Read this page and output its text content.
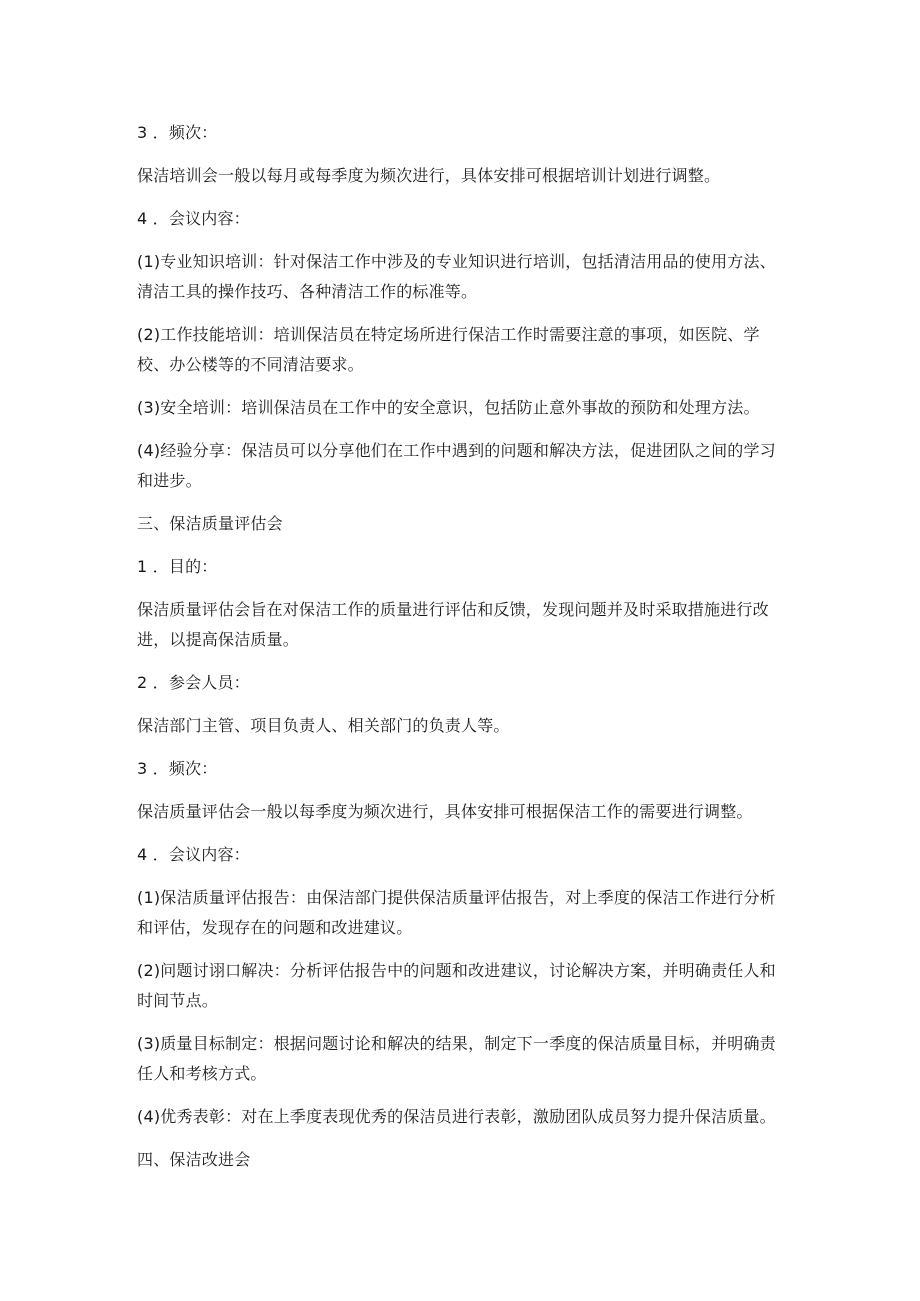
3 ．频次：

保洁培训会一般以每月或每季度为频次进行，具体安排可根据培训计划进行调整。

4 ．会议内容：

(1)专业知识培训：针对保洁工作中涉及的专业知识进行培训，包括清洁用品的使用方法、清洁工具的操作技巧、各种清洁工作的标准等。

(2)工作技能培训：培训保洁员在特定场所进行保洁工作时需要注意的事项，如医院、学校、办公楼等的不同清洁要求。

(3)安全培训：培训保洁员在工作中的安全意识，包括防止意外事故的预防和处理方法。

(4)经验分享：保洁员可以分享他们在工作中遇到的问题和解决方法，促进团队之间的学习和进步。

三、保洁质量评估会

1 ．目的：

保洁质量评估会旨在对保洁工作的质量进行评估和反馈，发现问题并及时采取措施进行改进，以提高保洁质量。

2 ．参会人员：

保洁部门主管、项目负责人、相关部门的负责人等。

3 ．频次：

保洁质量评估会一般以每季度为频次进行，具体安排可根据保洁工作的需要进行调整。

4 ．会议内容：

(1)保洁质量评估报告：由保洁部门提供保洁质量评估报告，对上季度的保洁工作进行分析和评估，发现存在的问题和改进建议。

(2)问题讨诩口解决：分析评估报告中的问题和改进建议，讨论解决方案，并明确责任人和时间节点。

(3)质量目标制定：根据问题讨论和解决的结果，制定下一季度的保洁质量目标，并明确责任人和考核方式。

(4)优秀表彰：对在上季度表现优秀的保洁员进行表彰，激励团队成员努力提升保洁质量。

四、保洁改进会
